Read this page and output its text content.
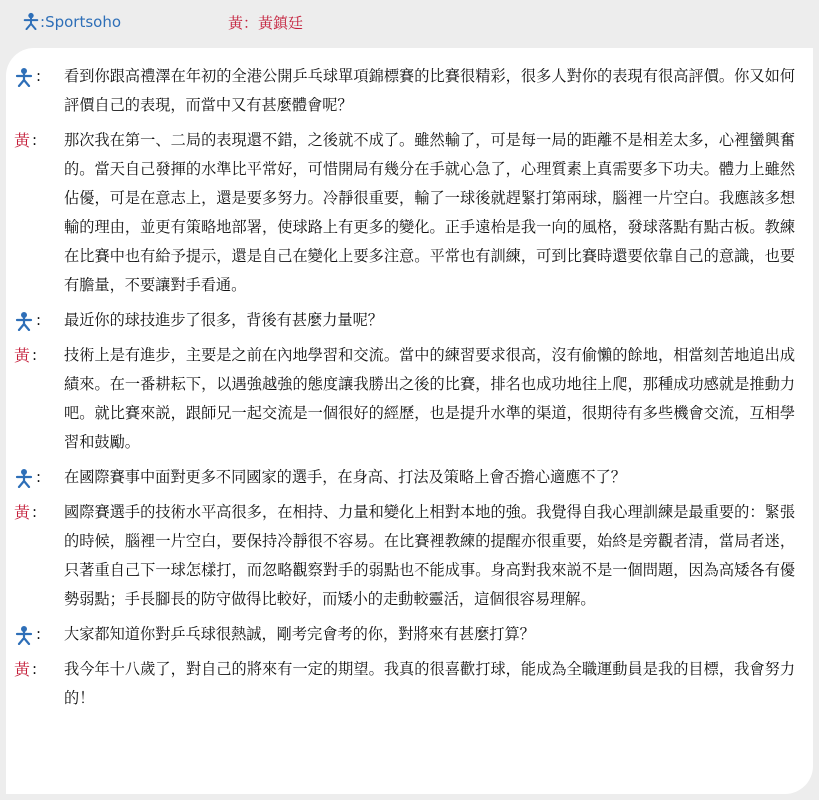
:Sportsoho	黃：黃鎮廷
: 看到你跟高禮澤在年初的全港公開乒乓球單項錦標賽的比賽很精彩，很多人對你的表現有很高評價。你又如何評價自己的表現，而當中又有甚麼體會呢？
黃 : 那次我在第一、二局的表現還不錯，之後就不成了。雖然輸了，可是每一局的距離不是相差太多，心裡蠻興奮的。當天自己發揮的水準比平常好，可惜開局有幾分在手就心急了，心理質素上真需要多下功夫。體力上雖然佔優，可是在意志上，還是要多努力。冷靜很重要，輸了一球後就趕緊打第兩球，腦裡一片空白。我應該多想輸的理由，並更有策略地部署，使球路上有更多的變化。正手遠枱是我一向的風格，發球落點有點古板。教練在比賽中也有給予提示，還是自己在變化上要多注意。平常也有訓練，可到比賽時還要依靠自己的意識，也要有膽量，不要讓對手看通。
: 最近你的球技進步了很多，背後有甚麼力量呢？
黃 : 技術上是有進步，主要是之前在內地學習和交流。當中的練習要求很高，沒有偷懶的餘地，相當刻苦地追出成績來。在一番耕耘下，以遇強越強的態度讓我勝出之後的比賽，排名也成功地往上爬，那種成功感就是推動力吧。就比賽來説，跟師兄一起交流是一個很好的經歷，也是提升水準的渠道，很期待有多些機會交流，互相學習和鼓勵。
: 在國際賽事中面對更多不同國家的選手，在身高、打法及策略上會否擔心適應不了？
黃 : 國際賽選手的技術水平高很多，在相持、力量和變化上相對本地的強。我覺得自我心理訓練是最重要的：緊張的時候，腦裡一片空白，要保持冷靜很不容易。在比賽裡教練的提醒亦很重要，始終是旁觀者清，當局者迷，只著重自己下一球怎樣打，而忽略觀察對手的弱點也不能成事。身高對我來説不是一個問題，因為高矮各有優勢弱點；手長腳長的防守做得比較好，而矮小的走動較靈活，這個很容易理解。
: 大家都知道你對乒乓球很熱誠，剛考完會考的你，對將來有甚麼打算？
黃 : 我今年十八歲了，對自己的將來有一定的期望。我真的很喜歡打球，能成為全職運動員是我的目標，我會努力的！
